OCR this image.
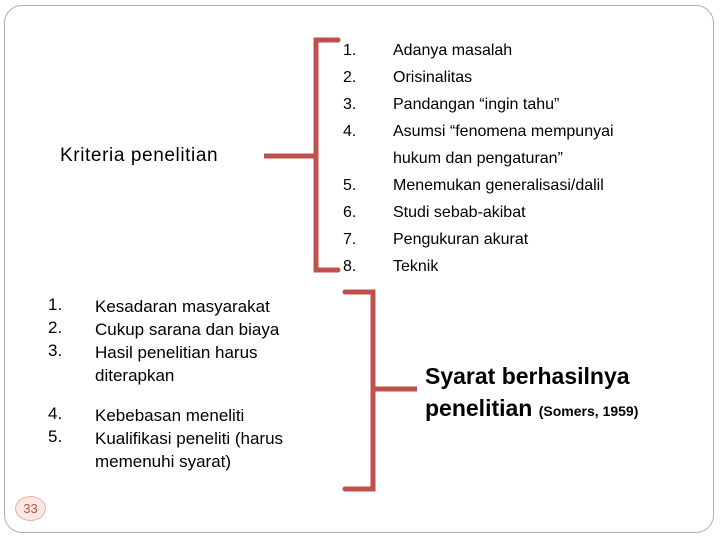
Kriteria penelitian
1. Adanya masalah
2. Orisinalitas
3. Pandangan “ingin tahu”
4. Asumsi “fenomena mempunyai
hukum dan pengaturan”
5. Menemukan generalisasi/dalil
6. Studi sebab-akibat
7. Pengukuran akurat
8. Teknik
1. Kesadaran masyarakat
2. Cukup sarana dan biaya
3. Hasil penelitian harus diterapkan
4. Kebebasan meneliti
5. Kualifikasi peneliti (harus memenuhi syarat)
Syarat berhasilnya
penelitian (Somers, 1959)
33
